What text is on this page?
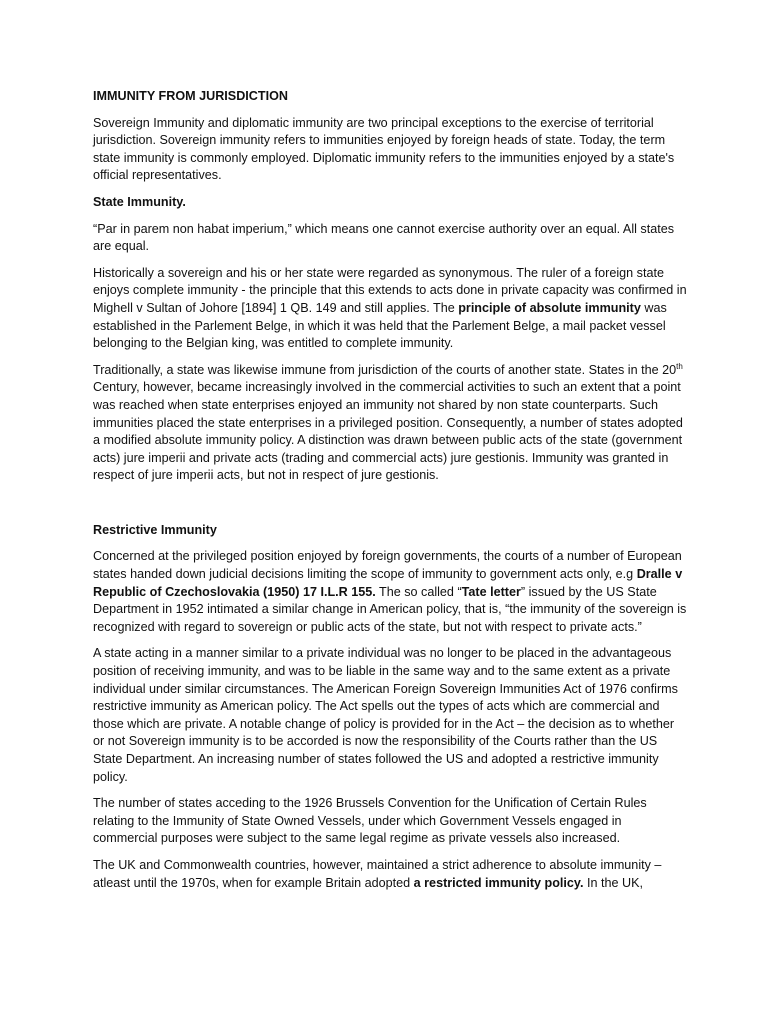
IMMUNITY FROM JURISDICTION

Sovereign Immunity and diplomatic immunity are two principal exceptions to the exercise of territorial jurisdiction. Sovereign immunity refers to immunities enjoyed by foreign heads of state. Today, the term state immunity is commonly employed. Diplomatic immunity refers to the immunities enjoyed by a state's official representatives.

State Immunity.

“Par in parem non habat imperium,” which means one cannot exercise authority over an equal. All states are equal.

Historically a sovereign and his or her state were regarded as synonymous. The ruler of a foreign state enjoys complete immunity - the principle that this extends to acts done in private capacity was confirmed in Mighell v Sultan of Johore [1894] 1 QB. 149 and still applies. The principle of absolute immunity was established in the Parlement Belge, in which it was held that the Parlement Belge, a mail packet vessel belonging to the Belgian king, was entitled to complete immunity.

Traditionally, a state was likewise immune from jurisdiction of the courts of another state. States in the 20th Century, however, became increasingly involved in the commercial activities to such an extent that a point was reached when state enterprises enjoyed an immunity not shared by non state counterparts. Such immunities placed the state enterprises in a privileged position. Consequently, a number of states adopted a modified absolute immunity policy. A distinction was drawn between public acts of the state (government acts) jure imperii and private acts (trading and commercial acts) jure gestionis. Immunity was granted in respect of jure imperii acts, but not in respect of jure gestionis.

Restrictive Immunity

Concerned at the privileged position enjoyed by foreign governments, the courts of a number of European states handed down judicial decisions limiting the scope of immunity to government acts only, e.g Dralle v Republic of Czechoslovakia (1950) 17 I.L.R 155. The so called “Tate letter” issued by the US State Department in 1952 intimated a similar change in American policy, that is, “the immunity of the sovereign is recognized with regard to sovereign or public acts of the state, but not with respect to private acts.”

A state acting in a manner similar to a private individual was no longer to be placed in the advantageous position of receiving immunity, and was to be liable in the same way and to the same extent as a private individual under similar circumstances. The American Foreign Sovereign Immunities Act of 1976 confirms restrictive immunity as American policy. The Act spells out the types of acts which are commercial and those which are private. A notable change of policy is provided for in the Act – the decision as to whether or not Sovereign immunity is to be accorded is now the responsibility of the Courts rather than the US State Department. An increasing number of states followed the US and adopted a restrictive immunity policy.

The number of states acceding to the 1926 Brussels Convention for the Unification of Certain Rules relating to the Immunity of State Owned Vessels, under which Government Vessels engaged in commercial purposes were subject to the same legal regime as private vessels also increased.

The UK and Commonwealth countries, however, maintained a strict adherence to absolute immunity – atleast until the 1970s, when for example Britain adopted a restricted immunity policy. In the UK,
